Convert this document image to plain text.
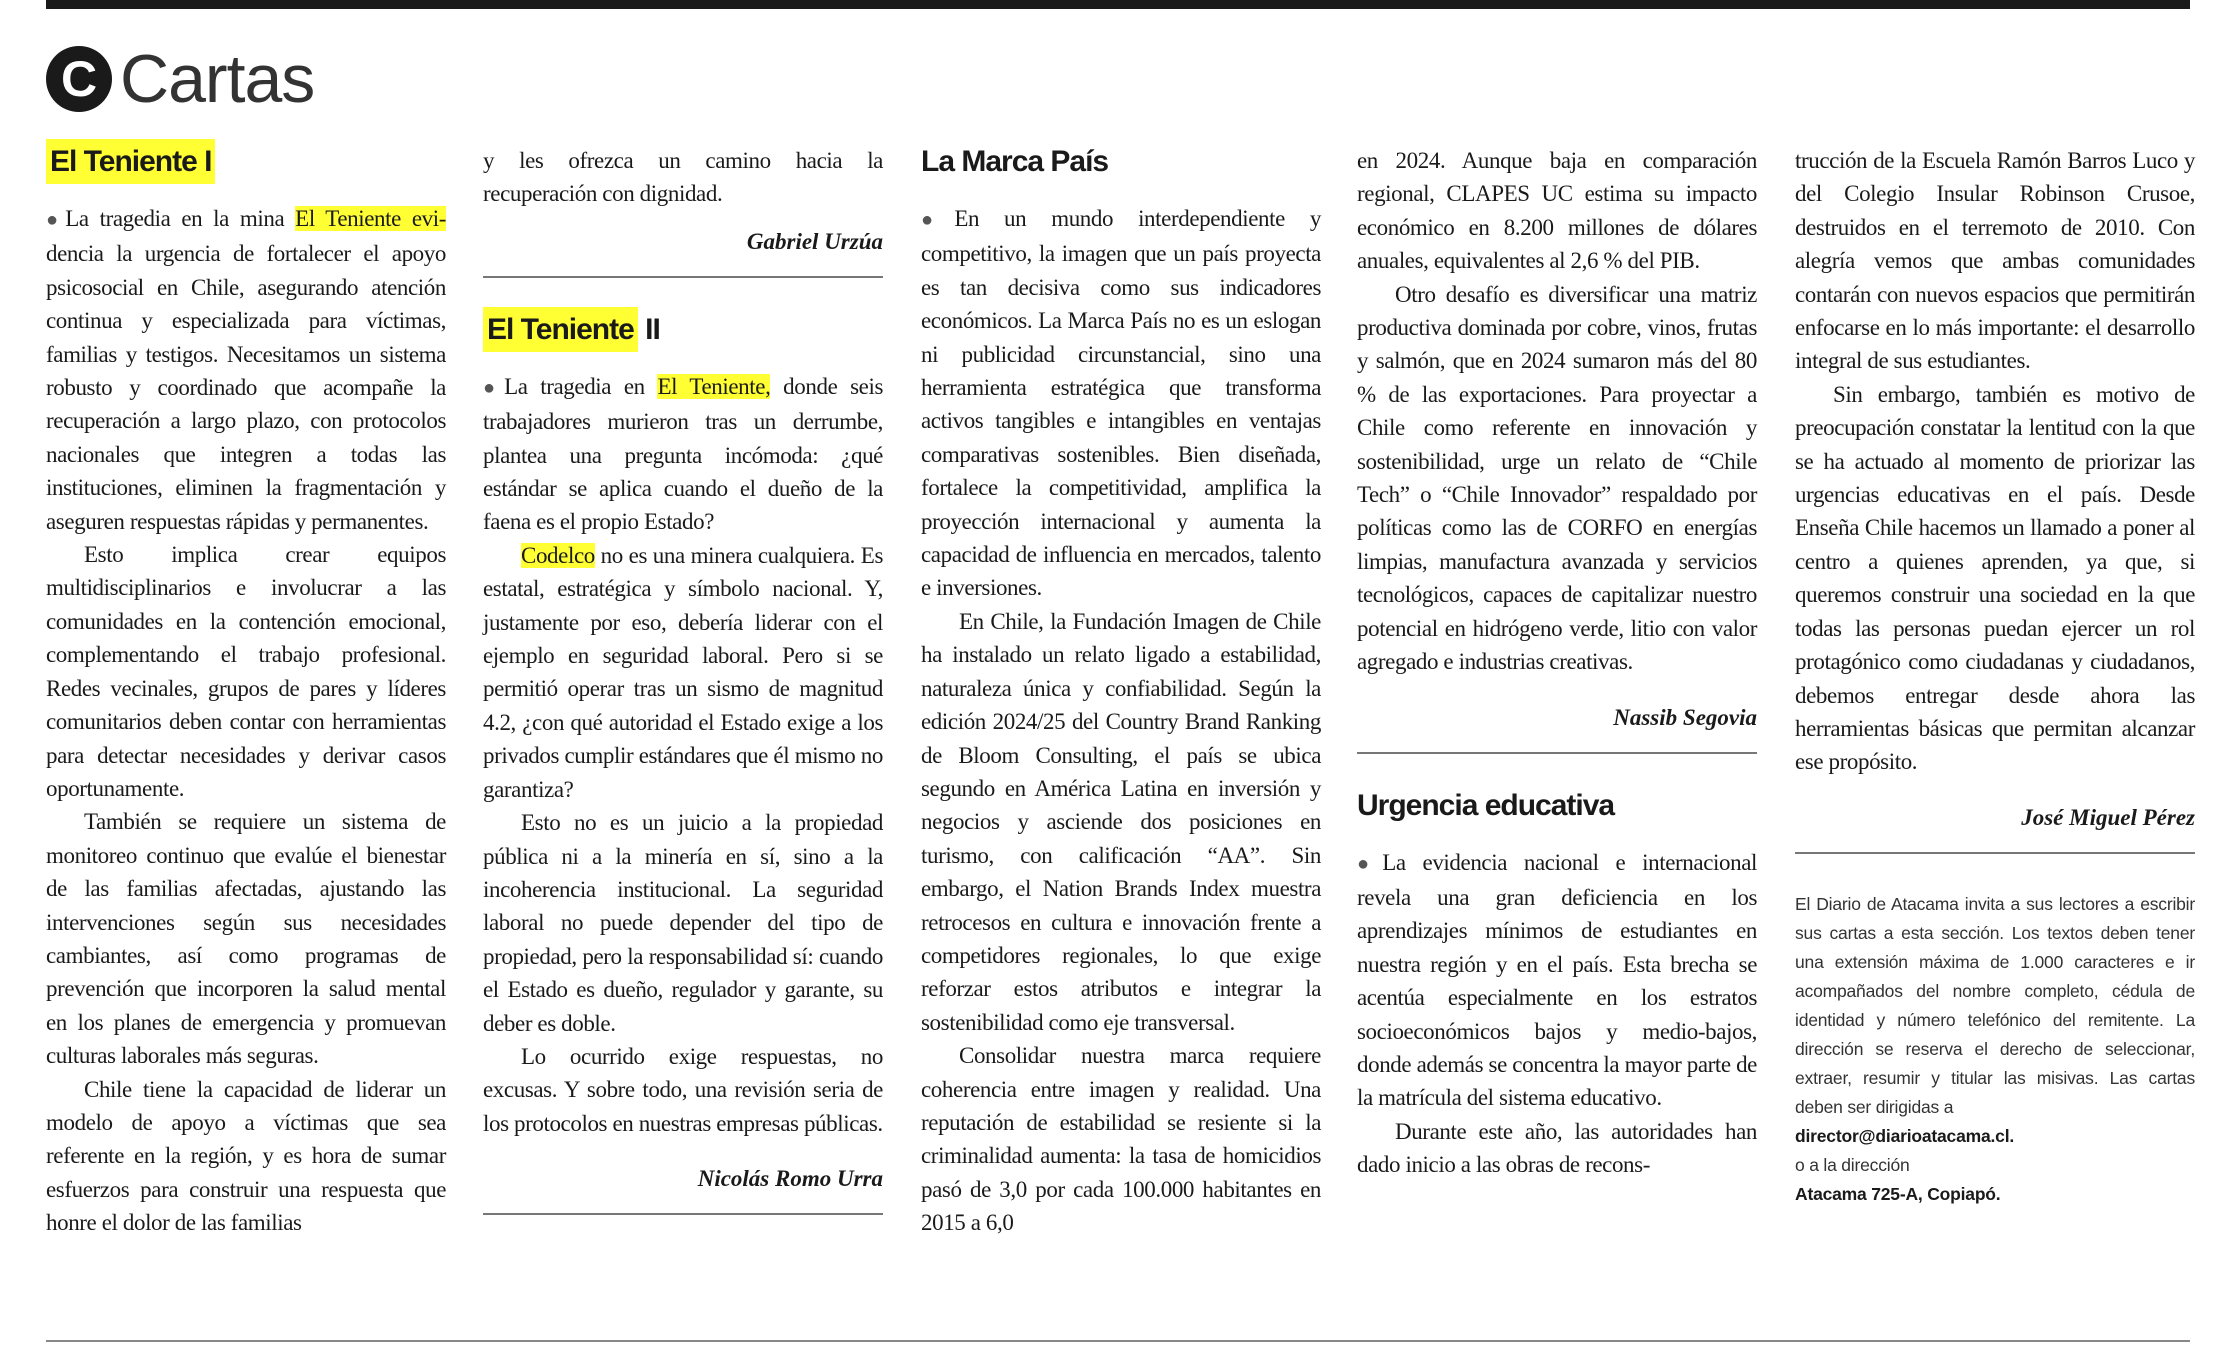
C Cartas
El Teniente I
●La tragedia en la mina El Teniente evi- dencia la urgencia de fortalecer el apoyo psicosocial en Chile, asegurando atención continua y especializada para víctimas, familias y testigos. Necesitamos un sistema robusto y coordinado que acompañe la recuperación a largo plazo, con protocolos nacionales que integren a todas las instituciones, eliminen la fragmentación y aseguren respuestas rápidas y permanentes.
Esto implica crear equipos multidisciplinarios e involucrar a las comunidades en la contención emocional, complementando el trabajo profesional. Redes vecinales, grupos de pares y líderes comunitarios deben contar con herramientas para detectar necesidades y derivar casos oportunamente.
También se requiere un sistema de monitoreo continuo que evalúe el bienestar de las familias afectadas, ajustando las intervenciones según sus necesidades cambiantes, así como programas de prevención que incorporen la salud mental en los planes de emergencia y promuevan culturas laborales más seguras.
Chile tiene la capacidad de liderar un modelo de apoyo a víctimas que sea referente en la región, y es hora de sumar esfuerzos para construir una respuesta que honre el dolor de las familias
y les ofrezca un camino hacia la recuperación con dignidad.
Gabriel Urzúa
El Teniente II
●La tragedia en El Teniente, donde seis trabajadores murieron tras un derrumbe, plantea una pregunta incómoda: ¿qué estándar se aplica cuando el dueño de la faena es el propio Estado?
Codelco no es una minera cualquiera. Es estatal, estratégica y símbolo nacional. Y, justamente por eso, debería liderar con el ejemplo en seguridad laboral. Pero si se permitió operar tras un sismo de magnitud 4.2, ¿con qué autoridad el Estado exige a los privados cumplir estándares que él mismo no garantiza?
Esto no es un juicio a la propiedad pública ni a la minería en sí, sino a la incoherencia institucional. La seguridad laboral no puede depender del tipo de propiedad, pero la responsabilidad sí: cuando el Estado es dueño, regulador y garante, su deber es doble.
Lo ocurrido exige respuestas, no excusas. Y sobre todo, una revisión seria de los protocolos en nuestras empresas públicas.
Nicolás Romo Urra
La Marca País
●En un mundo interdependiente y competitivo, la imagen que un país proyecta es tan decisiva como sus indicadores económicos. La Marca País no es un eslogan ni publicidad circunstancial, sino una herramienta estratégica que transforma activos tangibles e intangibles en ventajas comparativas sostenibles. Bien diseñada, fortalece la competitividad, amplifica la proyección internacional y aumenta la capacidad de influencia en mercados, talento e inversiones.
En Chile, la Fundación Imagen de Chile ha instalado un relato ligado a estabilidad, naturaleza única y confiabilidad. Según la edición 2024/25 del Country Brand Ranking de Bloom Consulting, el país se ubica segundo en América Latina en inversión y negocios y asciende dos posiciones en turismo, con calificación “AA”. Sin embargo, el Nation Brands Index muestra retrocesos en cultura e innovación frente a competidores regionales, lo que exige reforzar estos atributos e integrar la sostenibilidad como eje transversal.
Consolidar nuestra marca requiere coherencia entre imagen y realidad. Una reputación de estabilidad se resiente si la criminalidad aumenta: la tasa de homicidios pasó de 3,0 por cada 100.000 habitantes en 2015 a 6,0
en 2024. Aunque baja en comparación regional, CLAPES UC estima su impacto económico en 8.200 millones de dólares anuales, equivalentes al 2,6 % del PIB.
Otro desafío es diversificar una matriz productiva dominada por cobre, vinos, frutas y salmón, que en 2024 sumaron más del 80 % de las exportaciones. Para proyectar a Chile como referente en innovación y sostenibilidad, urge un relato de “Chile Tech” o “Chile Innovador” respaldado por políticas como las de CORFO en energías limpias, manufactura avanzada y servicios tecnológicos, capaces de capitalizar nuestro potencial en hidrógeno verde, litio con valor agregado e industrias creativas.
Nassib Segovia
Urgencia educativa
●La evidencia nacional e internacional revela una gran deficiencia en los aprendizajes mínimos de estudiantes en nuestra región y en el país. Esta brecha se acentúa especialmente en los estratos socioeconómicos bajos y medio-bajos, donde además se concentra la mayor parte de la matrícula del sistema educativo.
Durante este año, las autoridades han dado inicio a las obras de recons-
trucción de la Escuela Ramón Barros Luco y del Colegio Insular Robinson Crusoe, destruidos en el terremoto de 2010. Con alegría vemos que ambas comunidades contarán con nuevos espacios que permitirán enfocarse en lo más importante: el desarrollo integral de sus estudiantes.
Sin embargo, también es motivo de preocupación constatar la lentitud con la que se ha actuado al momento de priorizar las urgencias educativas en el país. Desde Enseña Chile hacemos un llamado a poner al centro a quienes aprenden, ya que, si queremos construir una sociedad en la que todas las personas puedan ejercer un rol protagónico como ciudadanas y ciudadanos, debemos entregar desde ahora las herramientas básicas que permitan alcanzar ese propósito.
José Miguel Pérez
El Diario de Atacama invita a sus lectores a escribir sus cartas a esta sección. Los textos deben tener una extensión máxima de 1.000 caracteres e ir acompañados del nombre completo, cédula de identidad y número telefónico del remitente. La dirección se reserva el derecho de seleccionar, extraer, resumir y titular las misivas. Las cartas deben ser dirigidas a
director@diarioatacama.cl.
o a la dirección
Atacama 725-A, Copiapó.
